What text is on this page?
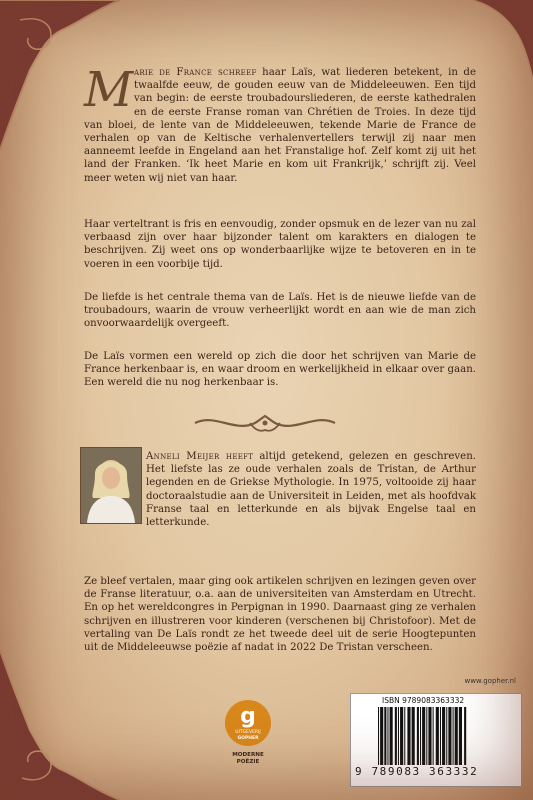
M arie de France schreef haar Laïs, wat liederen betekent, in de twaalfde eeuw, de gouden eeuw van de Middeleeuwen. Een tijd van begin: de eerste troubadoursliederen, de eerste kathedralen en de eerste Franse roman van Chrétien de Troies. In deze tijd van bloei, de lente van de Middeleeuwen, tekende Marie de France de verhalen op van de Keltische verhalenvertellers terwijl zij naar men aanneemt leefde in Engeland aan het Franstalige hof. Zelf komt zij uit het land der Franken. ‘Ik heet Marie en kom uit Frankrijk,’ schrijft zij. Veel meer weten wij niet van haar.

Haar verteltrant is fris en eenvoudig, zonder opsmuk en de lezer van nu zal verbaasd zijn over haar bijzonder talent om karakters en dialogen te beschrijven. Zij weet ons op wonderbaarlijke wijze te betoveren en in te voeren in een voorbije tijd.

De liefde is het centrale thema van de Laïs. Het is de nieuwe liefde van de troubadours, waarin de vrouw verheerlijkt wordt en aan wie de man zich onvoorwaardelijk overgeeft.

De Laïs vormen een wereld op zich die door het schrijven van Marie de France herkenbaar is, en waar droom en werkelijkheid in elkaar over gaan. Een wereld die nu nog herkenbaar is.

Anneli Meijer heeft altijd getekend, gelezen en geschreven. Het liefste las ze oude verhalen zoals de Tristan, de Arthur legenden en de Griekse Mythologie. In 1975, voltooide zij haar doctoraalstudie aan de Universiteit in Leiden, met als hoofdvak Franse taal en letterkunde en als bijvak Engelse taal en letterkunde.

Ze bleef vertalen, maar ging ook artikelen schrijven en lezingen geven over de Franse literatuur, o.a. aan de universiteiten van Amsterdam en Utrecht. En op het wereldcongres in Perpignan in 1990. Daarnaast ging ze verhalen schrijven en illustreren voor kinderen (verschenen bij Christofoor). Met de vertaling van De Laïs rondt ze het tweede deel uit de serie Hoogtepunten uit de Middeleeuwse poëzie af nadat in 2022 De Tristan verscheen.

g
UITGEVERIJ
GOPHER
MODERNE
POËZIE
www.gopher.nl
ISBN 9789083363332
9 789083 363332
